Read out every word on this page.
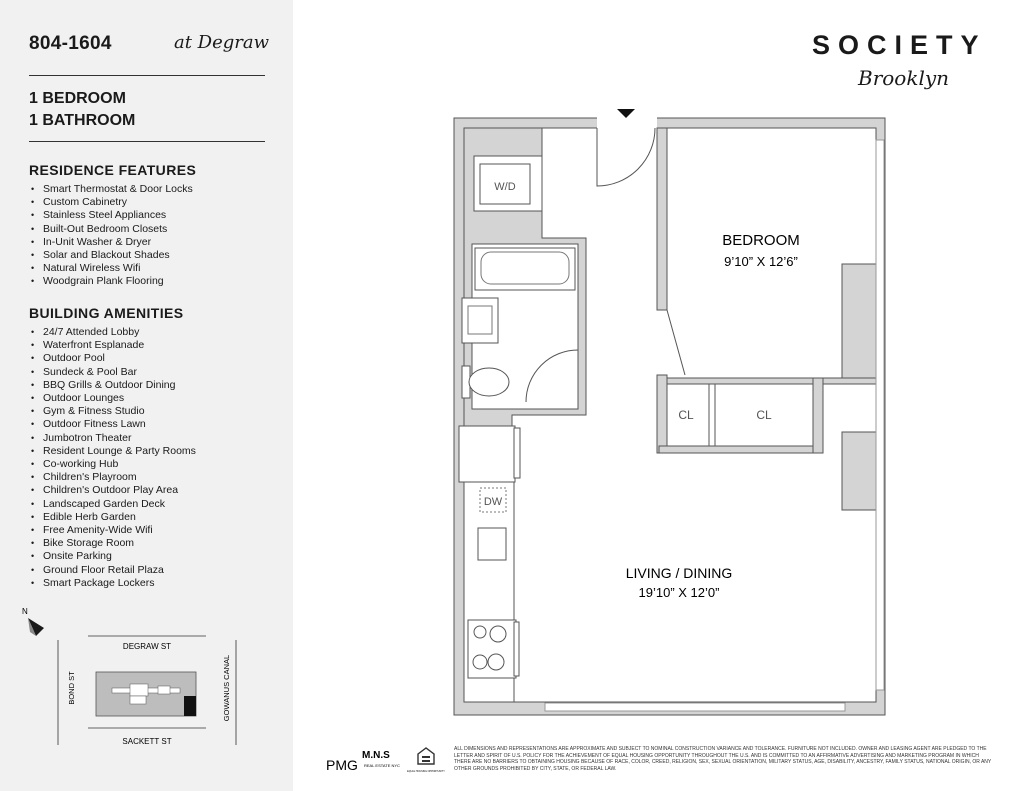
804-1604	at Degraw
1 BEDROOM
1 BATHROOM
RESIDENCE FEATURES
• Smart Thermostat & Door Locks
• Custom Cabinetry
• Stainless Steel Appliances
• Built-Out Bedroom Closets
• In-Unit Washer & Dryer
• Solar and Blackout Shades
• Natural Wireless Wifi
• Woodgrain Plank Flooring
BUILDING AMENITIES
• 24/7 Attended Lobby
• Waterfront Esplanade
• Outdoor Pool
• Sundeck & Pool Bar
• BBQ Grills & Outdoor Dining
• Outdoor Lounges
• Gym & Fitness Studio
• Outdoor Fitness Lawn
• Jumbotron Theater
• Resident Lounge & Party Rooms
• Co-working Hub
• Children's Playroom
• Children's Outdoor Play Area
• Landscaped Garden Deck
• Edible Herb Garden
• Free Amenity-Wide Wifi
• Bike Storage Room
• Onsite Parking
• Ground Floor Retail Plaza
• Smart Package Lockers
N
DEGRAW ST
SACKETT ST
BOND ST	GOWANUS CANAL
SOCIETY
Brooklyn
W/D
CL	CL
DW
BEDROOM
9’10” X 12’6”
LIVING / DINING
19’10” X 12’0”
PMG
M.N.S
REAL ESTATE NYC
EQUAL HOUSING OPPORTUNITY
ALL DIMENSIONS AND REPRESENTATIONS ARE APPROXIMATE AND SUBJECT TO NOMINAL CONSTRUCTION VARIANCE AND TOLERANCE. FURNITURE NOT INCLUDED. OWNER AND LEASING AGENT ARE PLEDGED TO THE LETTER AND SPIRIT OF U.S. POLICY FOR THE ACHIEVEMENT OF EQUAL HOUSING OPPORTUNITY THROUGHOUT THE U.S. AND IS COMMITTED TO AN AFFIRMATIVE ADVERTISING AND MARKETING PROGRAM IN WHICH THERE ARE NO BARRIERS TO OBTAINING HOUSING BECAUSE OF RACE, COLOR, CREED, RELIGION, SEX, SEXUAL ORIENTATION, MILITARY STATUS, AGE, DISABILITY, ANCESTRY, FAMILY STATUS, NATIONAL ORIGIN, OR ANY OTHER GROUNDS PROHIBITED BY CITY, STATE, OR FEDERAL LAW.
